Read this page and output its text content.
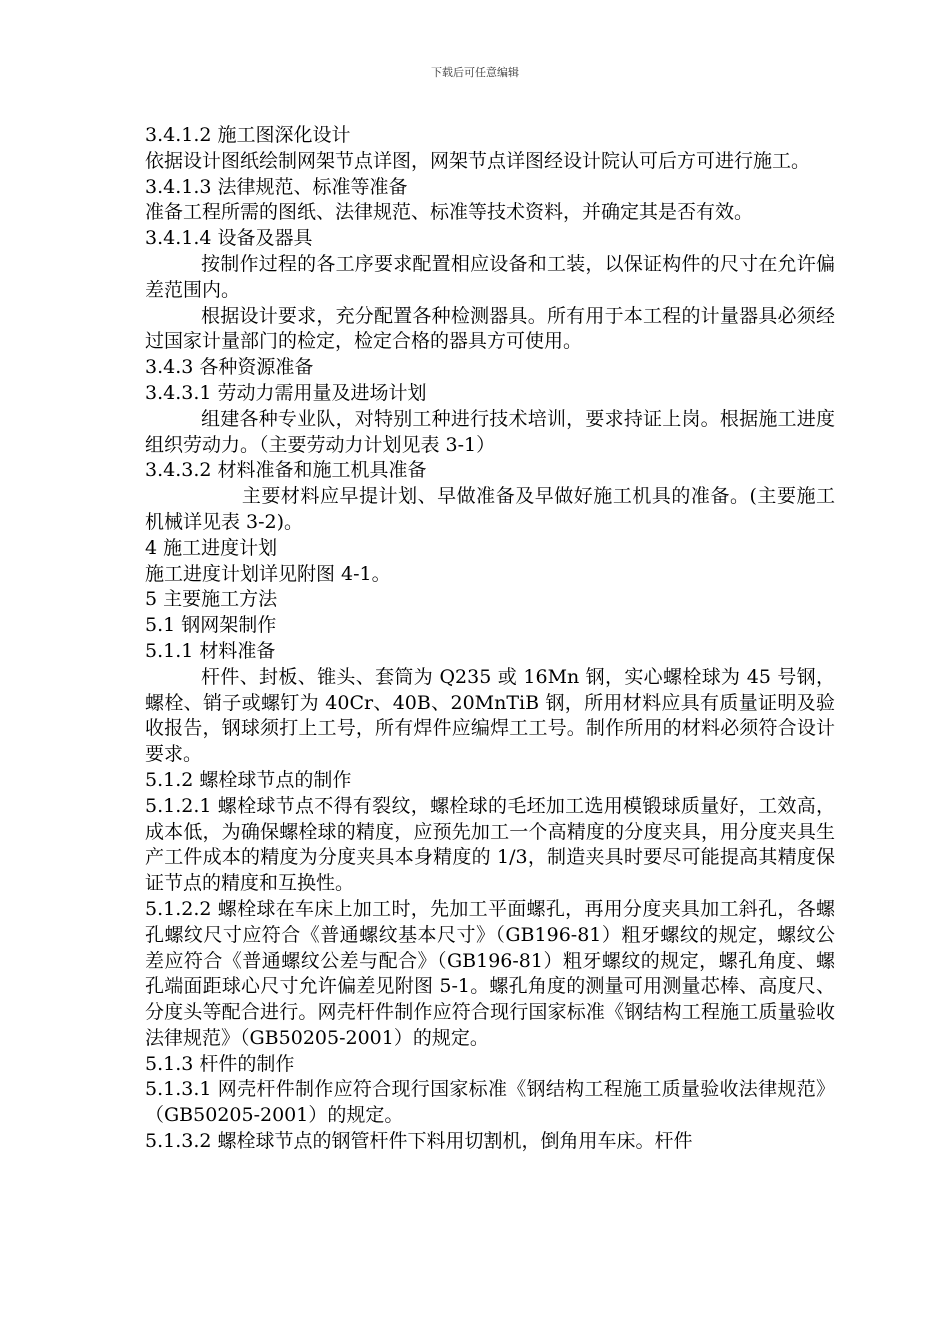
下载后可任意编辑

3.4.1.2 施工图深化设计

依据设计图纸绘制网架节点详图，网架节点详图经设计院认可后方可进行施工。

3.4.1.3 法律规范、标准等准备

准备工程所需的图纸、法律规范、标准等技术资料，并确定其是否有效。

3.4.1.4 设备及器具

按制作过程的各工序要求配置相应设备和工装，以保证构件的尺寸在允许偏差范围内。

根据设计要求，充分配置各种检测器具。所有用于本工程的计量器具必须经过国家计量部门的检定，检定合格的器具方可使用。

3.4.3 各种资源准备

3.4.3.1 劳动力需用量及进场计划

组建各种专业队，对特别工种进行技术培训，要求持证上岗。根据施工进度组织劳动力。（主要劳动力计划见表 3-1）

3.4.3.2 材料准备和施工机具准备

主要材料应早提计划、早做准备及早做好施工机具的准备。(主要施工机械详见表 3-2)。

4 施工进度计划

施工进度计划详见附图 4-1。

5 主要施工方法

5.1 钢网架制作

5.1.1 材料准备

杆件、封板、锥头、套筒为 Q235 或 16Mn 钢，实心螺栓球为 45 号钢，螺栓、销子或螺钉为 40Cr、40B、20MnTiB 钢，所用材料应具有质量证明及验收报告，钢球须打上工号，所有焊件应编焊工工号。制作所用的材料必须符合设计要求。

5.1.2 螺栓球节点的制作

5.1.2.1 螺栓球节点不得有裂纹，螺栓球的毛坯加工选用模锻球质量好，工效高，成本低，为确保螺栓球的精度，应预先加工一个高精度的分度夹具，用分度夹具生产工件成本的精度为分度夹具本身精度的 1/3，制造夹具时要尽可能提高其精度保证节点的精度和互换性。

5.1.2.2 螺栓球在车床上加工时，先加工平面螺孔，再用分度夹具加工斜孔，各螺孔螺纹尺寸应符合《普通螺纹基本尺寸》（GB196-81）粗牙螺纹的规定，螺纹公差应符合《普通螺纹公差与配合》（GB196-81）粗牙螺纹的规定，螺孔角度、螺孔端面距球心尺寸允许偏差见附图 5-1。螺孔角度的测量可用测量芯棒、高度尺、分度头等配合进行。网壳杆件制作应符合现行国家标准《钢结构工程施工质量验收法律规范》（GB50205-2001）的规定。

5.1.3 杆件的制作

5.1.3.1 网壳杆件制作应符合现行国家标准《钢结构工程施工质量验收法律规范》（GB50205-2001）的规定。

5.1.3.2 螺栓球节点的钢管杆件下料用切割机，倒角用车床。杆件
